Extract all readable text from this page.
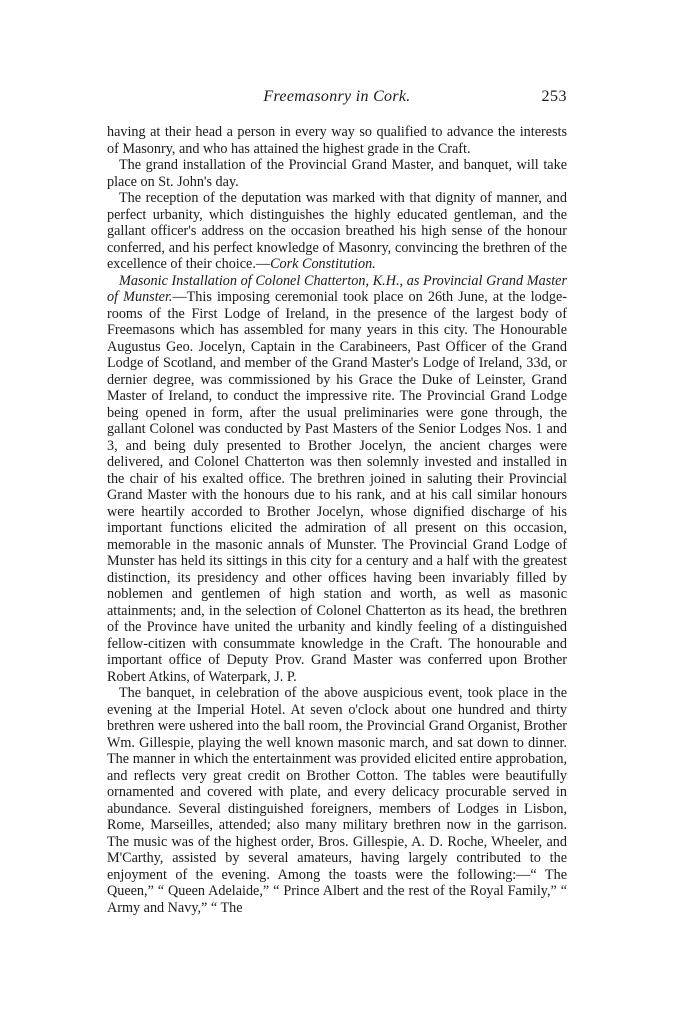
Freemasonry in Cork.	253

having at their head a person in every way so qualified to advance the interests of Masonry, and who has attained the highest grade in the Craft.

The grand installation of the Provincial Grand Master, and banquet, will take place on St. John's day.

The reception of the deputation was marked with that dignity of manner, and perfect urbanity, which distinguishes the highly educated gentleman, and the gallant officer's address on the occasion breathed his high sense of the honour conferred, and his perfect knowledge of Masonry, convincing the brethren of the excellence of their choice.—Cork Constitution.

Masonic Installation of Colonel Chatterton, K.H., as Provincial Grand Master of Munster.—This imposing ceremonial took place on 26th June, at the lodge-rooms of the First Lodge of Ireland, in the presence of the largest body of Freemasons which has assembled for many years in this city. The Honourable Augustus Geo. Jocelyn, Captain in the Carabineers, Past Officer of the Grand Lodge of Scotland, and member of the Grand Master's Lodge of Ireland, 33d, or dernier degree, was commissioned by his Grace the Duke of Leinster, Grand Master of Ireland, to conduct the impressive rite. The Provincial Grand Lodge being opened in form, after the usual preliminaries were gone through, the gallant Colonel was conducted by Past Masters of the Senior Lodges Nos. 1 and 3, and being duly presented to Brother Jocelyn, the ancient charges were delivered, and Colonel Chatterton was then solemnly invested and installed in the chair of his exalted office. The brethren joined in saluting their Provincial Grand Master with the honours due to his rank, and at his call similar honours were heartily accorded to Brother Jocelyn, whose dignified discharge of his important functions elicited the admiration of all present on this occasion, memorable in the masonic annals of Munster. The Provincial Grand Lodge of Munster has held its sittings in this city for a century and a half with the greatest distinction, its presidency and other offices having been invariably filled by noblemen and gentlemen of high station and worth, as well as masonic attainments; and, in the selection of Colonel Chatterton as its head, the brethren of the Province have united the urbanity and kindly feeling of a distinguished fellow-citizen with consummate knowledge in the Craft. The honourable and important office of Deputy Prov. Grand Master was conferred upon Brother Robert Atkins, of Waterpark, J. P.

The banquet, in celebration of the above auspicious event, took place in the evening at the Imperial Hotel. At seven o'clock about one hundred and thirty brethren were ushered into the ball room, the Provincial Grand Organist, Brother Wm. Gillespie, playing the well known masonic march, and sat down to dinner. The manner in which the entertainment was provided elicited entire approbation, and reflects very great credit on Brother Cotton. The tables were beautifully ornamented and covered with plate, and every delicacy procurable served in abundance. Several distinguished foreigners, members of Lodges in Lisbon, Rome, Marseilles, attended; also many military brethren now in the garrison. The music was of the highest order, Bros. Gillespie, A. D. Roche, Wheeler, and M'Carthy, assisted by several amateurs, having largely contributed to the enjoyment of the evening. Among the toasts were the following:—“ The Queen,” “ Queen Adelaide,” “ Prince Albert and the rest of the Royal Family,” “ Army and Navy,” “ The
